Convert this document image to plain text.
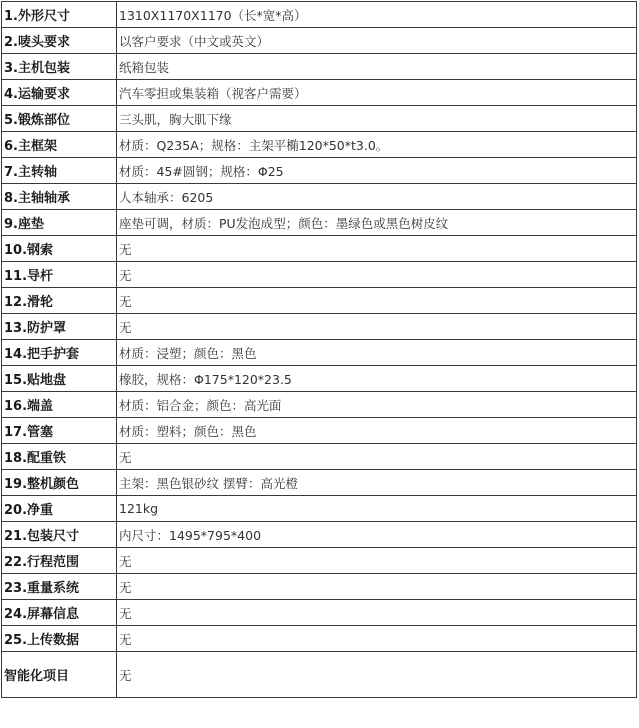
1.外形尺寸	1310X1170X1170（长*宽*高）
2.唛头要求	以客户要求（中文或英文）
3.主机包装	纸箱包装
4.运输要求	汽车零担或集装箱（视客户需要）
5.锻炼部位	三头肌，胸大肌下缘
6.主框架	材质：Q235A；规格：主架平椭120*50*t3.0。
7.主转轴	材质：45#圆钢；规格：Φ25
8.主轴轴承	人本轴承：6205
9.座垫	座垫可调，材质：PU发泡成型；颜色：墨绿色或黑色树皮纹
10.钢索	无
11.导杆	无
12.滑轮	无
13.防护罩	无
14.把手护套	材质：浸塑；颜色：黑色
15.贴地盘	橡胶，规格：Φ175*120*23.5
16.端盖	材质：铝合金；颜色：高光面
17.管塞	材质：塑料；颜色：黑色
18.配重铁	无
19.整机颜色	主架：黑色银砂纹 摆臂：高光橙
20.净重	121kg
21.包装尺寸	内尺寸：1495*795*400
22.行程范围	无
23.重量系统	无
24.屏幕信息	无
25.上传数据	无
智能化项目	无
